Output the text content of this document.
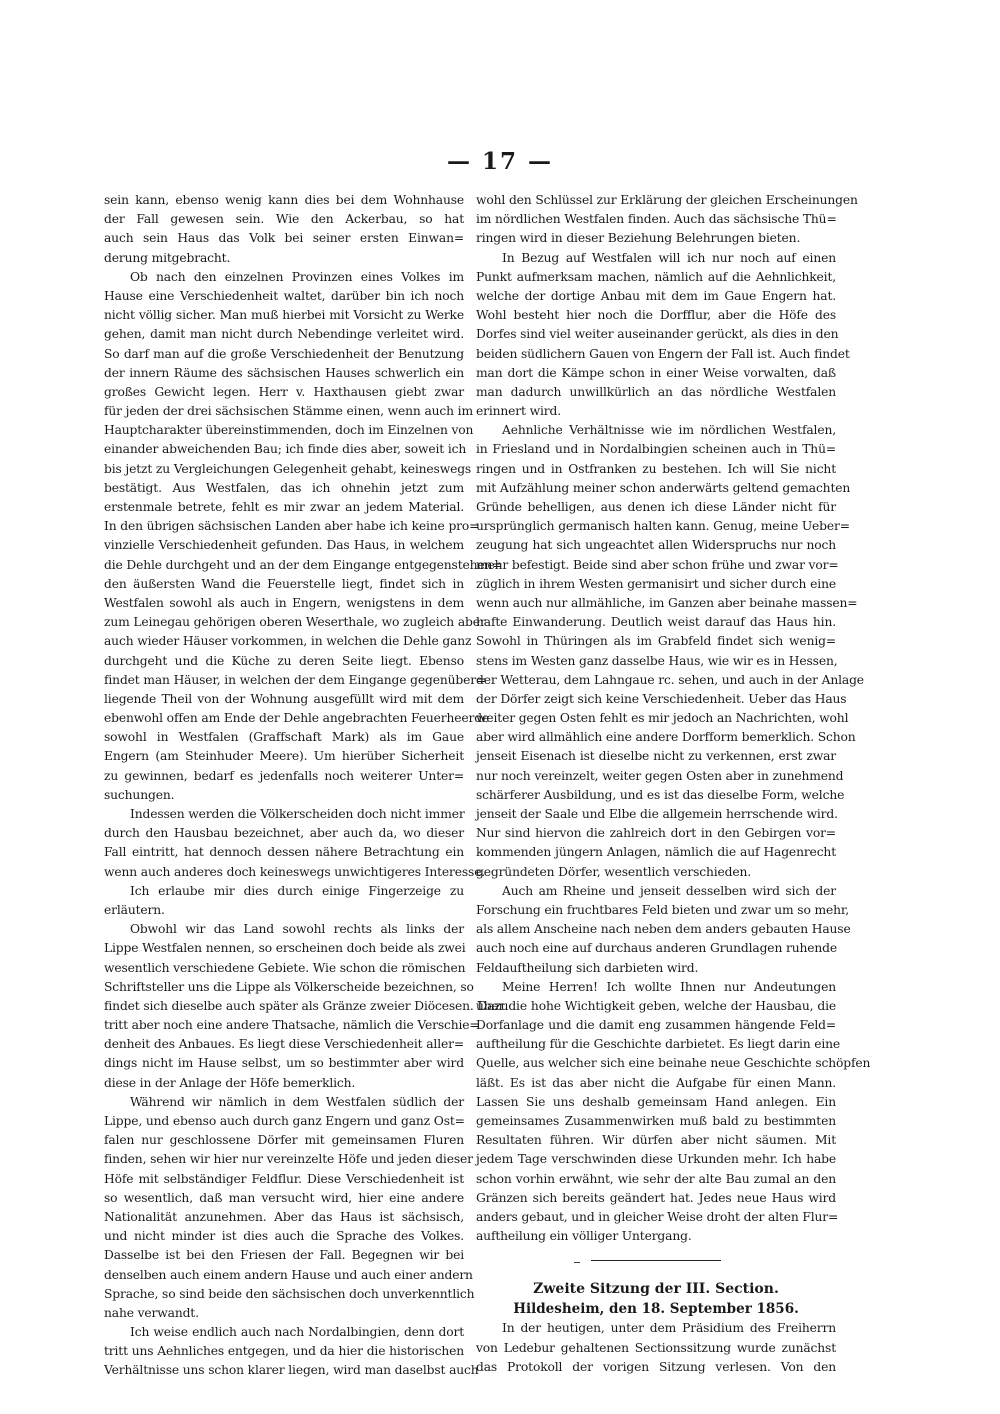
— 17 —
sein kann, ebenso wenig kann dies bei dem Wohnhause
der Fall gewesen sein. Wie den Ackerbau, so hat
auch sein Haus das Volk bei seiner ersten Einwan=
derung mitgebracht.
Ob nach den einzelnen Provinzen eines Volkes im
Hause eine Verschiedenheit waltet, darüber bin ich noch
nicht völlig sicher. Man muß hierbei mit Vorsicht zu Werke
gehen, damit man nicht durch Nebendinge verleitet wird.
So darf man auf die große Verschiedenheit der Benutzung
der innern Räume des sächsischen Hauses schwerlich ein
großes Gewicht legen. Herr v. Haxthausen giebt zwar
für jeden der drei sächsischen Stämme einen, wenn auch im
Hauptcharakter übereinstimmenden, doch im Einzelnen von
einander abweichenden Bau; ich finde dies aber, soweit ich
bis jetzt zu Vergleichungen Gelegenheit gehabt, keineswegs
bestätigt. Aus Westfalen, das ich ohnehin jetzt zum
erstenmale betrete, fehlt es mir zwar an jedem Material.
In den übrigen sächsischen Landen aber habe ich keine pro=
vinzielle Verschiedenheit gefunden. Das Haus, in welchem
die Dehle durchgeht und an der dem Eingange entgegenstehen=
den äußersten Wand die Feuerstelle liegt, findet sich in
Westfalen sowohl als auch in Engern, wenigstens in dem
zum Leinegau gehörigen oberen Weserthale, wo zugleich aber
auch wieder Häuser vorkommen, in welchen die Dehle ganz
durchgeht und die Küche zu deren Seite liegt. Ebenso
findet man Häuser, in welchen der dem Eingange gegenüber=
liegende Theil von der Wohnung ausgefüllt wird mit dem
ebenwohl offen am Ende der Dehle angebrachten Feuerheerde
sowohl in Westfalen (Graffschaft Mark) als im Gaue
Engern (am Steinhuder Meere). Um hierüber Sicherheit
zu gewinnen, bedarf es jedenfalls noch weiterer Unter=
suchungen.
Indessen werden die Völkerscheiden doch nicht immer
durch den Hausbau bezeichnet, aber auch da, wo dieser
Fall eintritt, hat dennoch dessen nähere Betrachtung ein
wenn auch anderes doch keineswegs unwichtigeres Interesse.
Ich erlaube mir dies durch einige Fingerzeige zu
erläutern.
Obwohl wir das Land sowohl rechts als links der
Lippe Westfalen nennen, so erscheinen doch beide als zwei
wesentlich verschiedene Gebiete. Wie schon die römischen
Schriftsteller uns die Lippe als Völkerscheide bezeichnen, so
findet sich dieselbe auch später als Gränze zweier Diöcesen. Dazu
tritt aber noch eine andere Thatsache, nämlich die Verschie=
denheit des Anbaues. Es liegt diese Verschiedenheit aller=
dings nicht im Hause selbst, um so bestimmter aber wird
diese in der Anlage der Höfe bemerklich.
Während wir nämlich in dem Westfalen südlich der
Lippe, und ebenso auch durch ganz Engern und ganz Ost=
falen nur geschlossene Dörfer mit gemeinsamen Fluren
finden, sehen wir hier nur vereinzelte Höfe und jeden dieser
Höfe mit selbständiger Feldflur. Diese Verschiedenheit ist
so wesentlich, daß man versucht wird, hier eine andere
Nationalität anzunehmen. Aber das Haus ist sächsisch,
und nicht minder ist dies auch die Sprache des Volkes.
Dasselbe ist bei den Friesen der Fall. Begegnen wir bei
denselben auch einem andern Hause und auch einer andern
Sprache, so sind beide den sächsischen doch unverkenntlich
nahe verwandt.
Ich weise endlich auch nach Nordalbingien, denn dort
tritt uns Aehnliches entgegen, und da hier die historischen
Verhältnisse uns schon klarer liegen, wird man daselbst auch
wohl den Schlüssel zur Erklärung der gleichen Erscheinungen
im nördlichen Westfalen finden. Auch das sächsische Thü=
ringen wird in dieser Beziehung Belehrungen bieten.
In Bezug auf Westfalen will ich nur noch auf einen
Punkt aufmerksam machen, nämlich auf die Aehnlichkeit,
welche der dortige Anbau mit dem im Gaue Engern hat.
Wohl besteht hier noch die Dorfflur, aber die Höfe des
Dorfes sind viel weiter auseinander gerückt, als dies in den
beiden südlichern Gauen von Engern der Fall ist. Auch findet
man dort die Kämpe schon in einer Weise vorwalten, daß
man dadurch unwillkürlich an das nördliche Westfalen
erinnert wird.
Aehnliche Verhältnisse wie im nördlichen Westfalen,
in Friesland und in Nordalbingien scheinen auch in Thü=
ringen und in Ostfranken zu bestehen. Ich will Sie nicht
mit Aufzählung meiner schon anderwärts geltend gemachten
Gründe behelligen, aus denen ich diese Länder nicht für
ursprünglich germanisch halten kann. Genug, meine Ueber=
zeugung hat sich ungeachtet allen Widerspruchs nur noch
mehr befestigt. Beide sind aber schon frühe und zwar vor=
züglich in ihrem Westen germanisirt und sicher durch eine
wenn auch nur allmähliche, im Ganzen aber beinahe massen=
hafte Einwanderung. Deutlich weist darauf das Haus hin.
Sowohl in Thüringen als im Grabfeld findet sich wenig=
stens im Westen ganz dasselbe Haus, wie wir es in Hessen,
der Wetterau, dem Lahngaue rc. sehen, und auch in der Anlage
der Dörfer zeigt sich keine Verschiedenheit. Ueber das Haus
weiter gegen Osten fehlt es mir jedoch an Nachrichten, wohl
aber wird allmählich eine andere Dorfform bemerklich. Schon
jenseit Eisenach ist dieselbe nicht zu verkennen, erst zwar
nur noch vereinzelt, weiter gegen Osten aber in zunehmend
schärferer Ausbildung, und es ist das dieselbe Form, welche
jenseit der Saale und Elbe die allgemein herrschende wird.
Nur sind hiervon die zahlreich dort in den Gebirgen vor=
kommenden jüngern Anlagen, nämlich die auf Hagenrecht
gegründeten Dörfer, wesentlich verschieden.
Auch am Rheine und jenseit desselben wird sich der
Forschung ein fruchtbares Feld bieten und zwar um so mehr,
als allem Anscheine nach neben dem anders gebauten Hause
auch noch eine auf durchaus anderen Grundlagen ruhende
Feldauftheilung sich darbieten wird.
Meine Herren! Ich wollte Ihnen nur Andeutungen
über die hohe Wichtigkeit geben, welche der Hausbau, die
Dorfanlage und die damit eng zusammen hängende Feld=
auftheilung für die Geschichte darbietet. Es liegt darin eine
Quelle, aus welcher sich eine beinahe neue Geschichte schöpfen
läßt. Es ist das aber nicht die Aufgabe für einen Mann.
Lassen Sie uns deshalb gemeinsam Hand anlegen. Ein
gemeinsames Zusammenwirken muß bald zu bestimmten
Resultaten führen. Wir dürfen aber nicht säumen. Mit
jedem Tage verschwinden diese Urkunden mehr. Ich habe
schon vorhin erwähnt, wie sehr der alte Bau zumal an den
Gränzen sich bereits geändert hat. Jedes neue Haus wird
anders gebaut, und in gleicher Weise droht der alten Flur=
auftheilung ein völliger Untergang.
Zweite Sitzung der III. Section.
Hildesheim, den 18. September 1856.
In der heutigen, unter dem Präsidium des Freiherrn
von Ledebur gehaltenen Sectionssitzung wurde zunächst
das Protokoll der vorigen Sitzung verlesen. Von den
